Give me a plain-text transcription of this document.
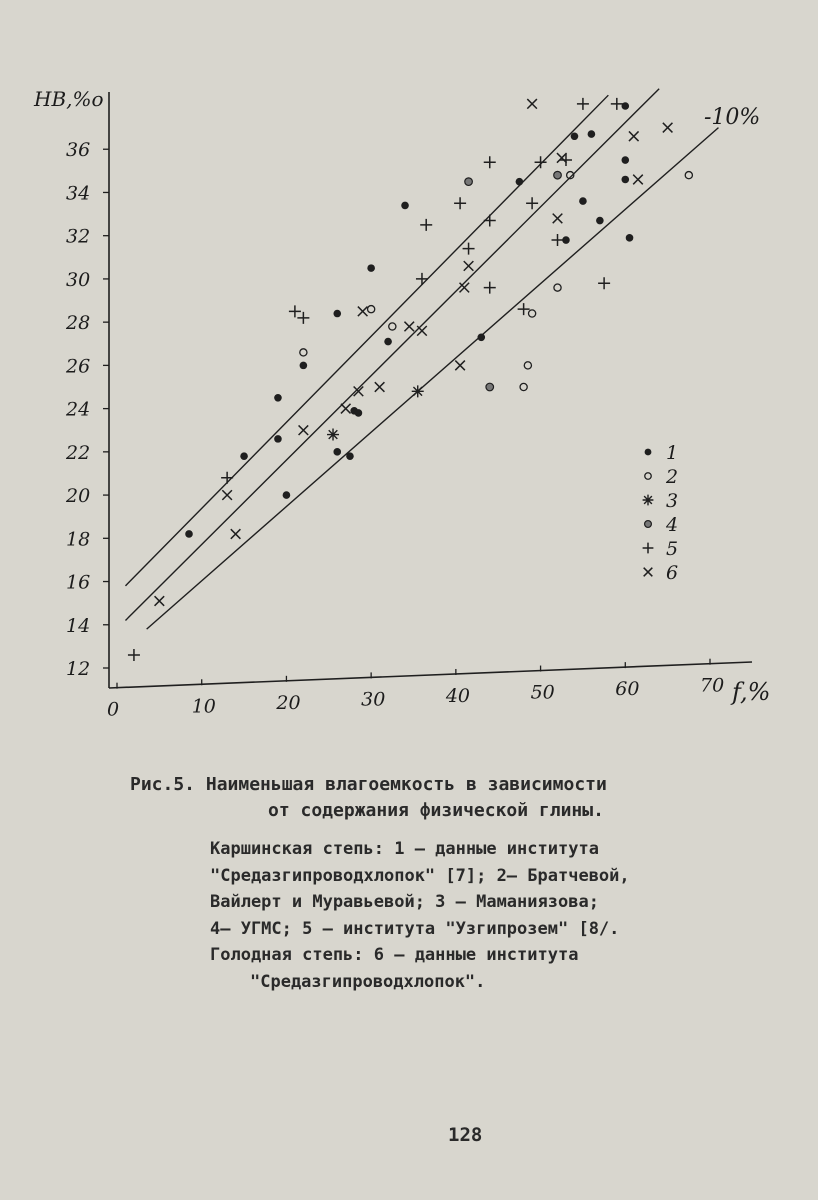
12
14
16
18
20
22
24
26
28
30
32
34
36
0	10	20	30	40	50	60	70
1
2
3
4
5
6
HB,%o
f,%
-10%
Рис.5. Наименьшая влагоемкость в зависимости
от содержания физической глины.
Каршинская степь: 1 – данные института
"Средазгипроводхлопок" [7]; 2– Братчевой,
Вайлерт и Муравьевой; 3 – Маманиязова;
4– УГМС; 5 – института "Узгипрозем" [8/.
Голодная степь: 6 – данные института
"Средазгипроводхлопок".
128
